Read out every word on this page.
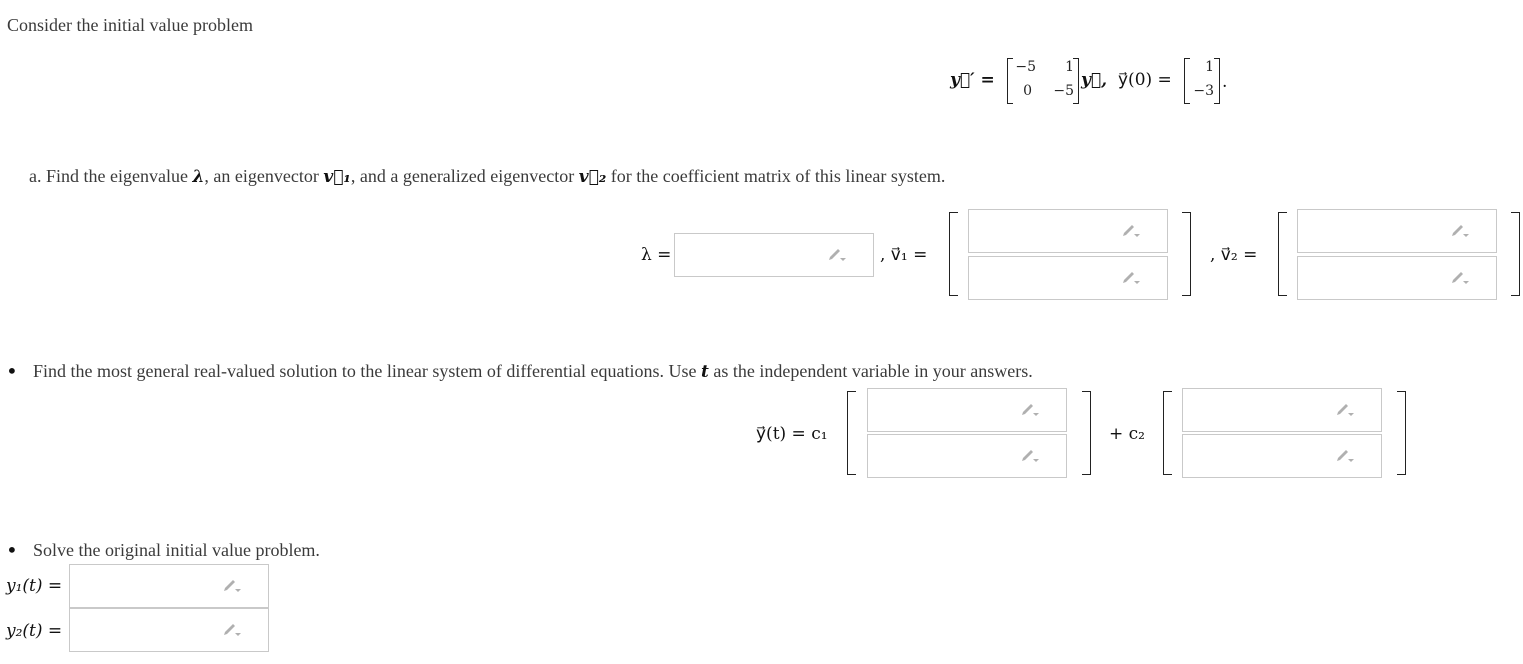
Consider the initial value problem
y⃗′ =
−5	1
0	−5
y⃗, y⃗(0) =
1
−3 .
a. Find the eigenvalue λ, an eigenvector v⃗₁, and a generalized eigenvector v⃗₂ for the coefficient matrix of this linear system.
λ =	, v⃗₁ =	, v⃗₂ =
• Find the most general real-valued solution to the linear system of differential equations. Use t as the independent variable in your answers.
y⃗(t) = c₁	+ c₂
• Solve the original initial value problem.
y₁(t) =
y₂(t) =
